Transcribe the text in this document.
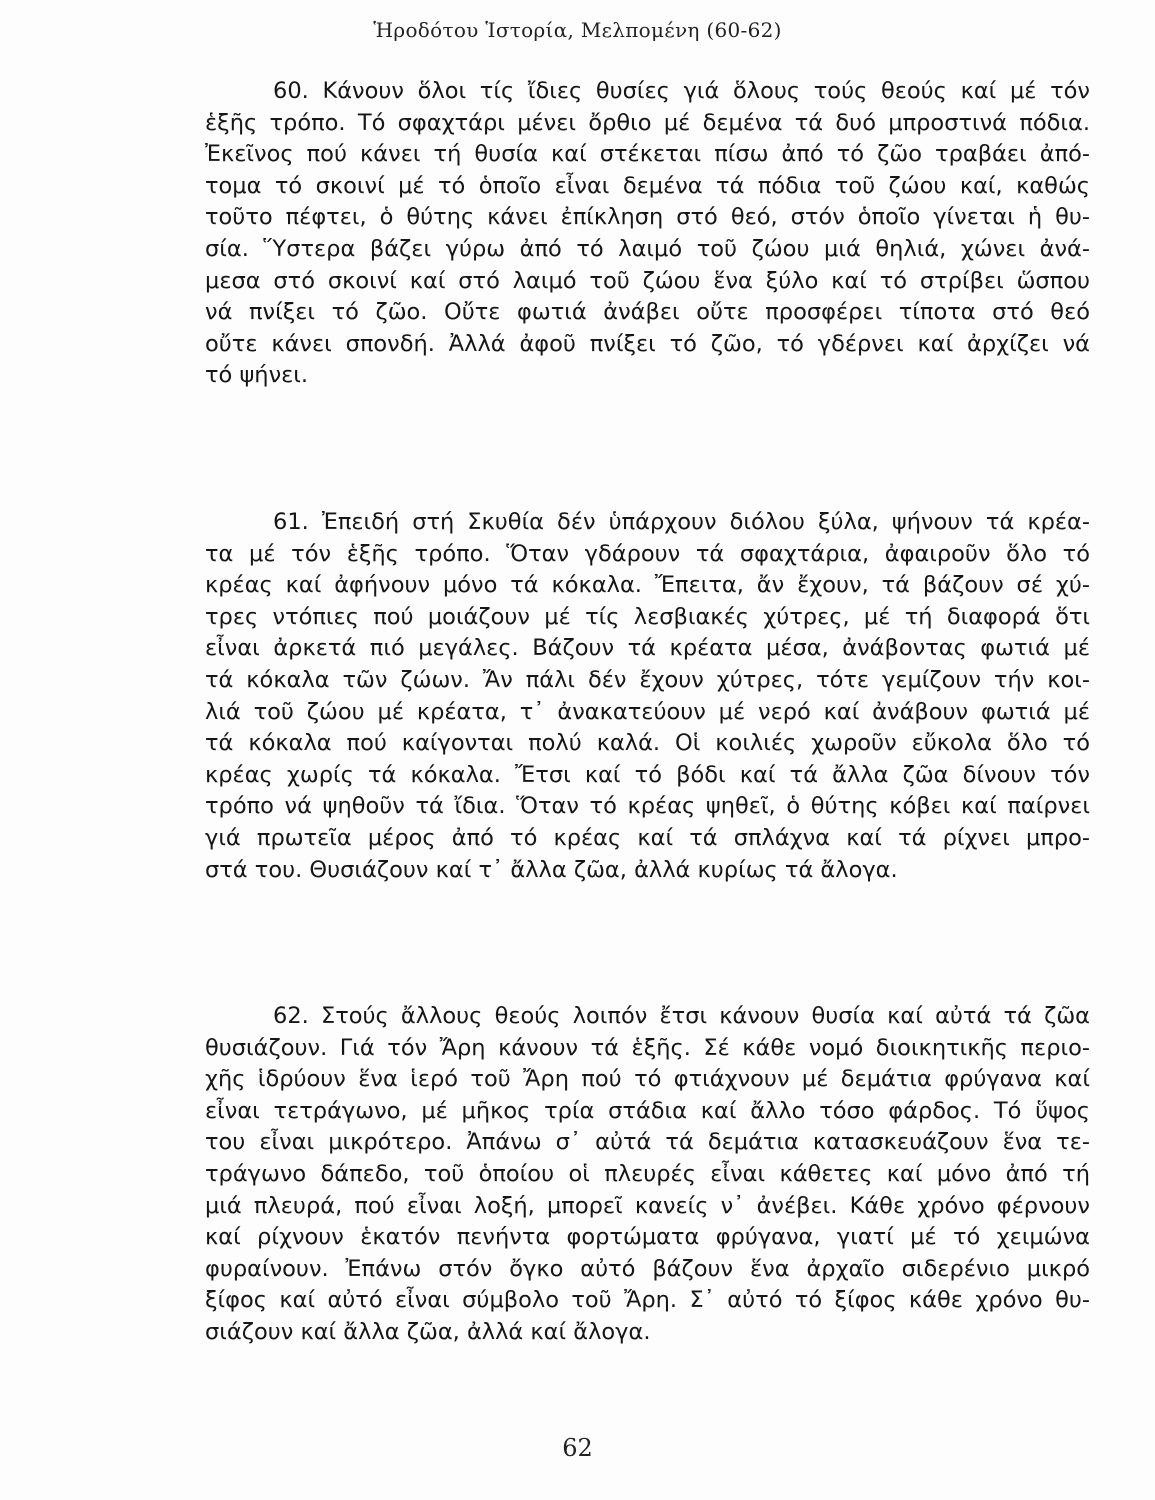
Ἡροδότου Ἱστορία, Μελπομένη (60-62)
60. Κάνουν ὅλοι τίς ἴδιες θυσίες γιά ὅλους τούς θεούς καί μέ τόν
ἑξῆς τρόπο. Τό σφαχτάρι μένει ὄρθιο μέ δεμένα τά δυό μπροστινά πόδια.
Ἐκεῖνος πού κάνει τή θυσία καί στέκεται πίσω ἀπό τό ζῶο τραβάει ἀπό-
τομα τό σκοινί μέ τό ὁποῖο εἶναι δεμένα τά πόδια τοῦ ζώου καί, καθώς
τοῦτο πέφτει, ὁ θύτης κάνει ἐπίκληση στό θεό, στόν ὁποῖο γίνεται ἡ θυ-
σία. Ὕστερα βάζει γύρω ἀπό τό λαιμό τοῦ ζώου μιά θηλιά, χώνει ἀνά-
μεσα στό σκοινί καί στό λαιμό τοῦ ζώου ἕνα ξύλο καί τό στρίβει ὥσπου
νά πνίξει τό ζῶο. Οὔτε φωτιά ἀνάβει οὔτε προσφέρει τίποτα στό θεό
οὔτε κάνει σπονδή. Ἀλλά ἀφοῦ πνίξει τό ζῶο, τό γδέρνει καί ἀρχίζει νά
τό ψήνει.
61. Ἐπειδή στή Σκυθία δέν ὑπάρχουν διόλου ξύλα, ψήνουν τά κρέα-
τα μέ τόν ἑξῆς τρόπο. Ὅταν γδάρουν τά σφαχτάρια, ἀφαιροῦν ὅλο τό
κρέας καί ἀφήνουν μόνο τά κόκαλα. Ἔπειτα, ἄν ἔχουν, τά βάζουν σέ χύ-
τρες ντόπιες πού μοιάζουν μέ τίς λεσβιακές χύτρες, μέ τή διαφορά ὅτι
εἶναι ἀρκετά πιό μεγάλες. Βάζουν τά κρέατα μέσα, ἀνάβοντας φωτιά μέ
τά κόκαλα τῶν ζώων. Ἄν πάλι δέν ἔχουν χύτρες, τότε γεμίζουν τήν κοι-
λιά τοῦ ζώου μέ κρέατα, τ᾿ ἀνακατεύουν μέ νερό καί ἀνάβουν φωτιά μέ
τά κόκαλα πού καίγονται πολύ καλά. Οἱ κοιλιές χωροῦν εὔκολα ὅλο τό
κρέας χωρίς τά κόκαλα. Ἔτσι καί τό βόδι καί τά ἄλλα ζῶα δίνουν τόν
τρόπο νά ψηθοῦν τά ἴδια. Ὅταν τό κρέας ψηθεῖ, ὁ θύτης κόβει καί παίρνει
γιά πρωτεῖα μέρος ἀπό τό κρέας καί τά σπλάχνα καί τά ρίχνει μπρο-
στά του. Θυσιάζουν καί τ᾿ ἄλλα ζῶα, ἀλλά κυρίως τά ἄλογα.
62. Στούς ἄλλους θεούς λοιπόν ἔτσι κάνουν θυσία καί αὐτά τά ζῶα
θυσιάζουν. Γιά τόν Ἄρη κάνουν τά ἑξῆς. Σέ κάθε νομό διοικητικῆς περιο-
χῆς ἱδρύουν ἕνα ἱερό τοῦ Ἄρη πού τό φτιάχνουν μέ δεμάτια φρύγανα καί
εἶναι τετράγωνο, μέ μῆκος τρία στάδια καί ἄλλο τόσο φάρδος. Τό ὕψος
του εἶναι μικρότερο. Ἀπάνω σ᾿ αὐτά τά δεμάτια κατασκευάζουν ἕνα τε-
τράγωνο δάπεδο, τοῦ ὁποίου οἱ πλευρές εἶναι κάθετες καί μόνο ἀπό τή
μιά πλευρά, πού εἶναι λοξή, μπορεῖ κανείς ν᾿ ἀνέβει. Κάθε χρόνο φέρνουν
καί ρίχνουν ἑκατόν πενήντα φορτώματα φρύγανα, γιατί μέ τό χειμώνα
φυραίνουν. Ἐπάνω στόν ὄγκο αὐτό βάζουν ἕνα ἀρχαῖο σιδερένιο μικρό
ξίφος καί αὐτό εἶναι σύμβολο τοῦ Ἄρη. Σ᾿ αὐτό τό ξίφος κάθε χρόνο θυ-
σιάζουν καί ἄλλα ζῶα, ἀλλά καί ἄλογα.
62
